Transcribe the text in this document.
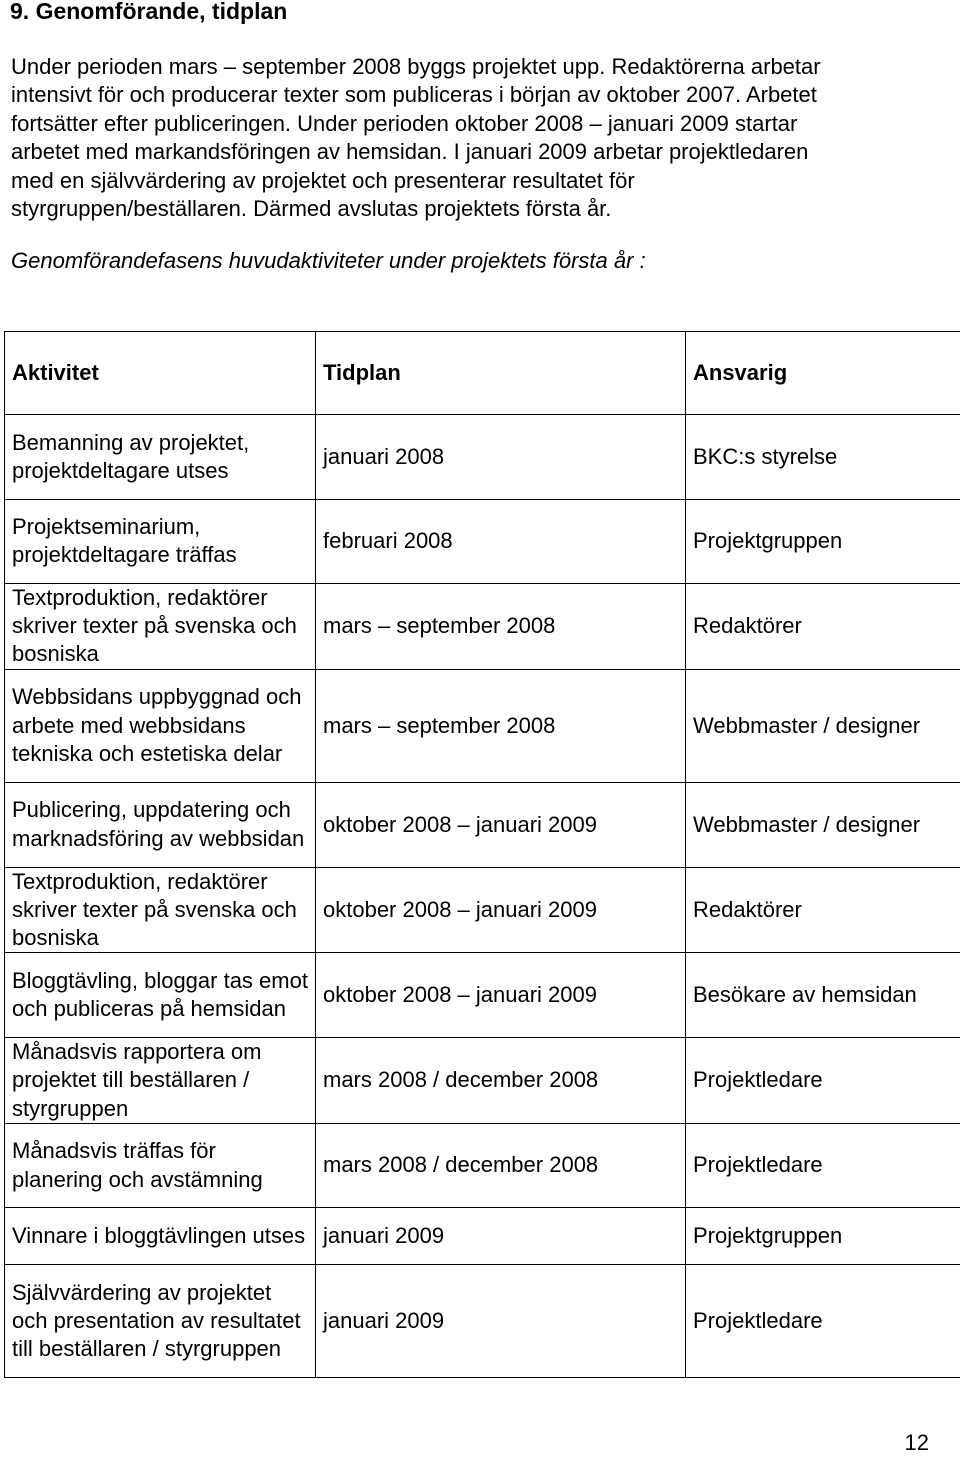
9. Genomförande, tidplan

Under perioden mars – september 2008 byggs projektet upp. Redaktörerna arbetar
intensivt för och producerar texter som publiceras i början av oktober 2007. Arbetet
fortsätter efter publiceringen. Under perioden oktober 2008 – januari 2009 startar
arbetet med markandsföringen av hemsidan. I januari 2009 arbetar projektledaren
med en självvärdering av projektet och presenterar resultatet för
styrgruppen/beställaren. Därmed avslutas projektets första år.

Genomförandefasens huvudaktiviteter under projektets första år :

Aktivitet	Tidplan	Ansvarig
Bemanning av projektet, projektdeltagare utses	januari 2008	BKC:s styrelse
Projektseminarium, projektdeltagare träffas	februari 2008	Projektgruppen
Textproduktion, redaktörer skriver texter på svenska och bosniska	mars – september 2008	Redaktörer
Webbsidans uppbyggnad och arbete med webbsidans tekniska och estetiska delar	mars – september 2008	Webbmaster / designer
Publicering, uppdatering och marknadsföring av webbsidan	oktober 2008 – januari 2009	Webbmaster / designer
Textproduktion, redaktörer skriver texter på svenska och bosniska	oktober 2008 – januari 2009	Redaktörer
Bloggtävling, bloggar tas emot och publiceras på hemsidan	oktober 2008 – januari 2009	Besökare av hemsidan
Månadsvis rapportera om projektet till beställaren / styrgruppen	mars 2008 / december 2008	Projektledare
Månadsvis träffas för planering och avstämning	mars 2008 / december 2008	Projektledare
Vinnare i bloggtävlingen utses	januari 2009	Projektgruppen
Självvärdering av projektet och presentation av resultatet till beställaren / styrgruppen	januari 2009	Projektledare
12
